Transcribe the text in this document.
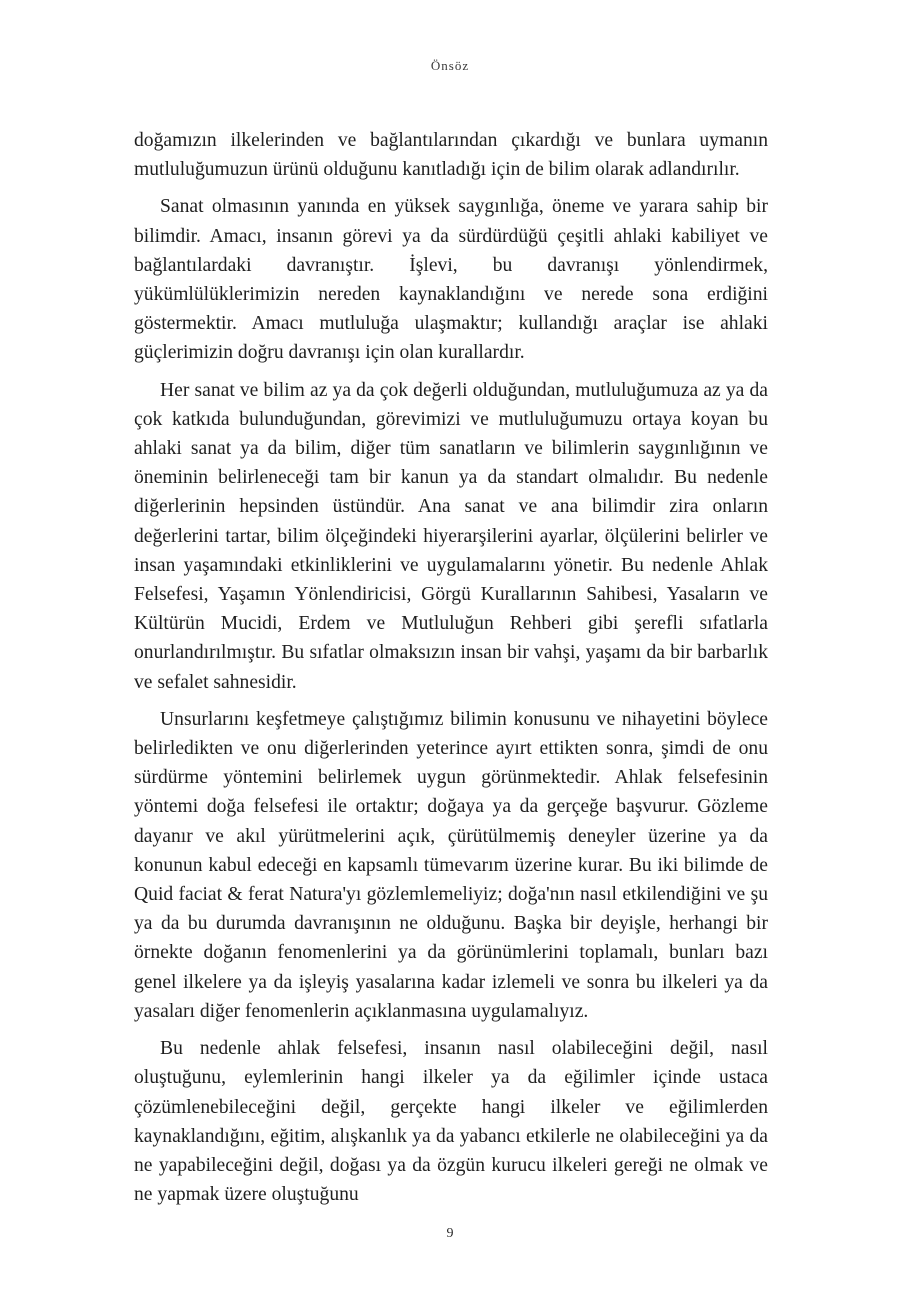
Önsöz

doğamızın ilkelerinden ve bağlantılarından çıkardığı ve bunlara uymanın mutluluğumuzun ürünü olduğunu kanıtladığı için de bilim olarak adlandırılır.

Sanat olmasının yanında en yüksek saygınlığa, öneme ve yarara sahip bir bilimdir. Amacı, insanın görevi ya da sürdürdüğü çeşitli ahlaki kabiliyet ve bağlantılardaki davranıştır. İşlevi, bu davranışı yönlendirmek, yükümlülüklerimizin nereden kaynaklandığını ve nerede sona erdiğini göstermektir. Amacı mutluluğa ulaşmaktır; kullandığı araçlar ise ahlaki güçlerimizin doğru davranışı için olan kurallardır.

Her sanat ve bilim az ya da çok değerli olduğundan, mutluluğumuza az ya da çok katkıda bulunduğundan, görevimizi ve mutluluğumuzu ortaya koyan bu ahlaki sanat ya da bilim, diğer tüm sanatların ve bilimlerin saygınlığının ve öneminin belirleneceği tam bir kanun ya da standart olmalıdır. Bu nedenle diğerlerinin hepsinden üstündür. Ana sanat ve ana bilimdir zira onların değerlerini tartar, bilim ölçeğindeki hiyerarşilerini ayarlar, ölçülerini belirler ve insan yaşamındaki etkinliklerini ve uygulamalarını yönetir. Bu nedenle Ahlak Felsefesi, Yaşamın Yönlendiricisi, Görgü Kurallarının Sahibesi, Yasaların ve Kültürün Mucidi, Erdem ve Mutluluğun Rehberi gibi şerefli sıfatlarla onurlandırılmıştır. Bu sıfatlar olmaksızın insan bir vahşi, yaşamı da bir barbarlık ve sefalet sahnesidir.

Unsurlarını keşfetmeye çalıştığımız bilimin konusunu ve nihayetini böylece belirledikten ve onu diğerlerinden yeterince ayırt ettikten sonra, şimdi de onu sürdürme yöntemini belirlemek uygun görünmektedir. Ahlak felsefesinin yöntemi doğa felsefesi ile ortaktır; doğaya ya da gerçeğe başvurur. Gözleme dayanır ve akıl yürütmelerini açık, çürütülmemiş deneyler üzerine ya da konunun kabul edeceği en kapsamlı tümevarım üzerine kurar. Bu iki bilimde de Quid faciat & ferat Natura'yı gözlemlemeliyiz; doğa'nın nasıl etkilendiğini ve şu ya da bu durumda davranışının ne olduğunu. Başka bir deyişle, herhangi bir örnekte doğanın fenomenlerini ya da görünümlerini toplamalı, bunları bazı genel ilkelere ya da işleyiş yasalarına kadar izlemeli ve sonra bu ilkeleri ya da yasaları diğer fenomenlerin açıklanmasına uygulamalıyız.

Bu nedenle ahlak felsefesi, insanın nasıl olabileceğini değil, nasıl oluştuğunu, eylemlerinin hangi ilkeler ya da eğilimler içinde ustaca çözümlenebileceğini değil, gerçekte hangi ilkeler ve eğilimlerden kaynaklandığını, eğitim, alışkanlık ya da yabancı etkilerle ne olabileceğini ya da ne yapabileceğini değil, doğası ya da özgün kurucu ilkeleri gereği ne olmak ve ne yapmak üzere oluştuğunu

9
